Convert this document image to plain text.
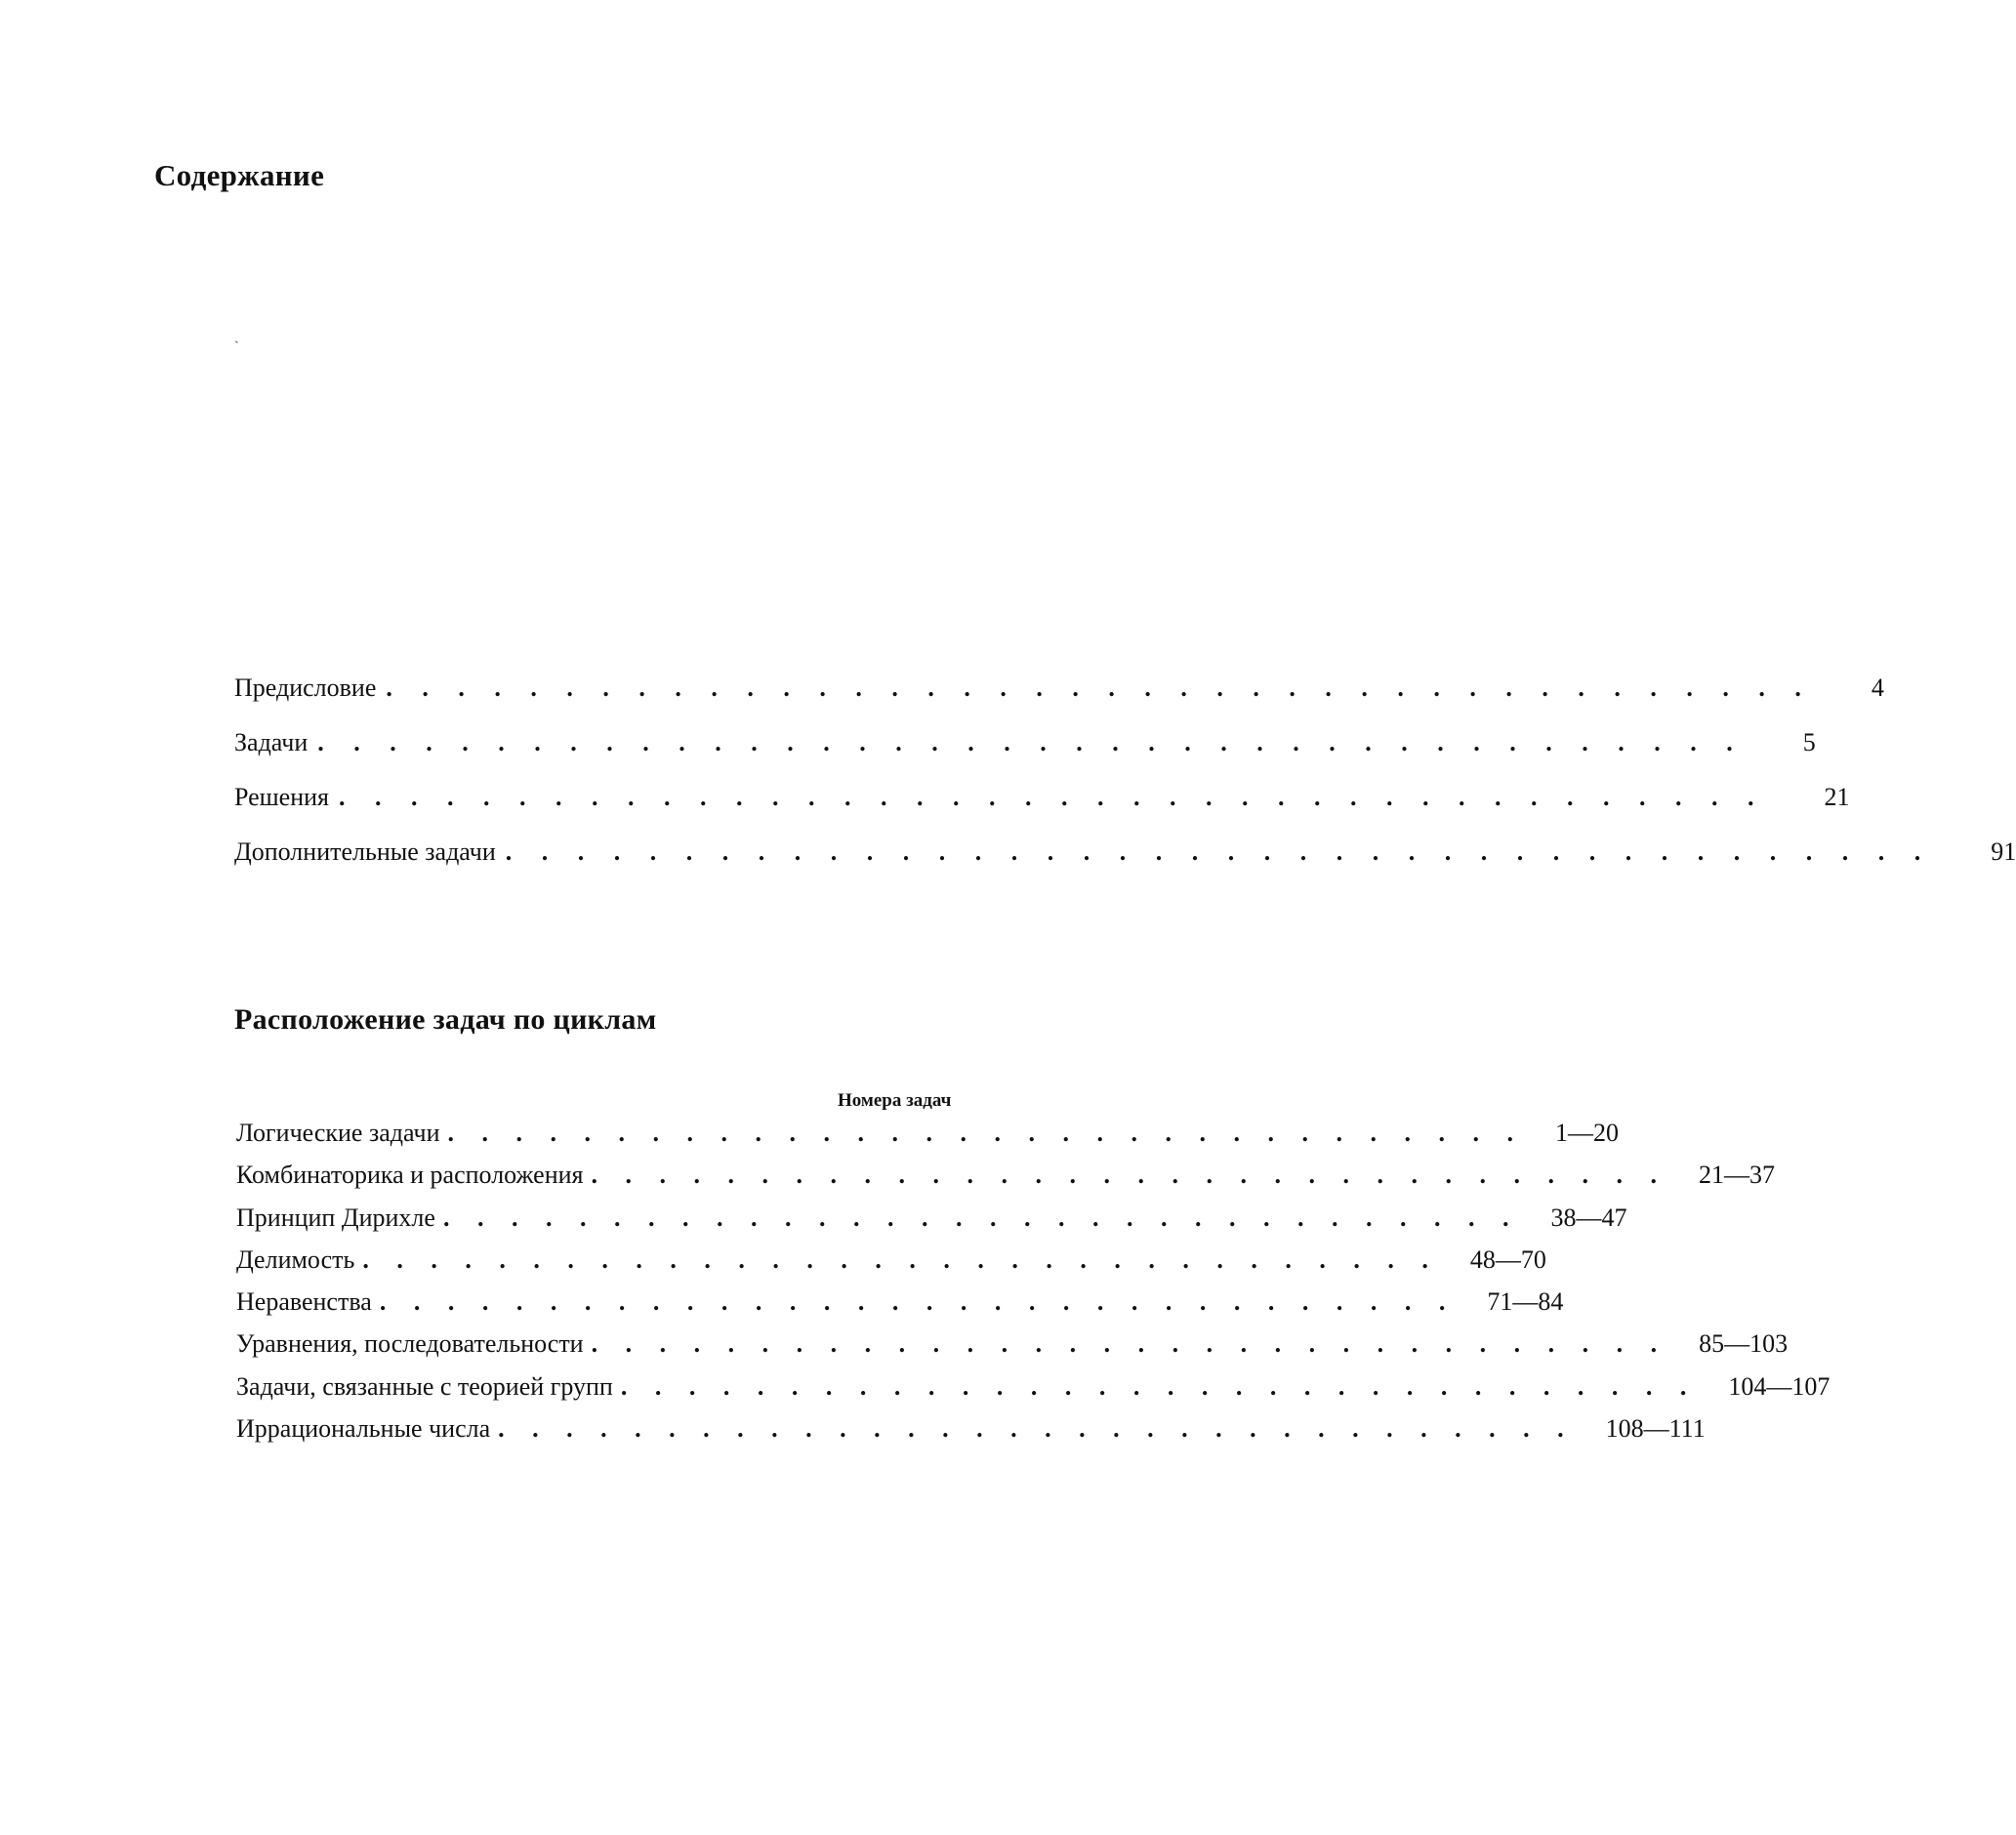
Содержание
`
Предисловие . . . . . . . . . . . . . . . . . . . . . . . . . . . . . . . . . . . . . . . . 4
Задачи . . . . . . . . . . . . . . . . . . . . . . . . . . . . . . . . . . . . . . . . 5
Решения . . . . . . . . . . . . . . . . . . . . . . . . . . . . . . . . . . . . . . . . 21
Дополнительные задачи . . . . . . . . . . . . . . . . . . . . . . . . . . . . . . . . . . . . . . . . 91
Расположение задач по циклам
Номера задач
Логические задачи . . . . . . . . . . . . . . . . . . . . . . . . . . . . . . . . 1—20
Комбинаторика и расположения . . . . . . . . . . . . . . . . . . . . . . . . . . . . . . . . 21—37
Принцип Дирихле . . . . . . . . . . . . . . . . . . . . . . . . . . . . . . . . 38—47
Делимость . . . . . . . . . . . . . . . . . . . . . . . . . . . . . . . . 48—70
Неравенства . . . . . . . . . . . . . . . . . . . . . . . . . . . . . . . . 71—84
Уравнения, последовательности . . . . . . . . . . . . . . . . . . . . . . . . . . . . . . . . 85—103
Задачи, связанные с теорией групп . . . . . . . . . . . . . . . . . . . . . . . . . . . . . . . . 104—107
Иррациональные числа . . . . . . . . . . . . . . . . . . . . . . . . . . . . . . . . 108—111
